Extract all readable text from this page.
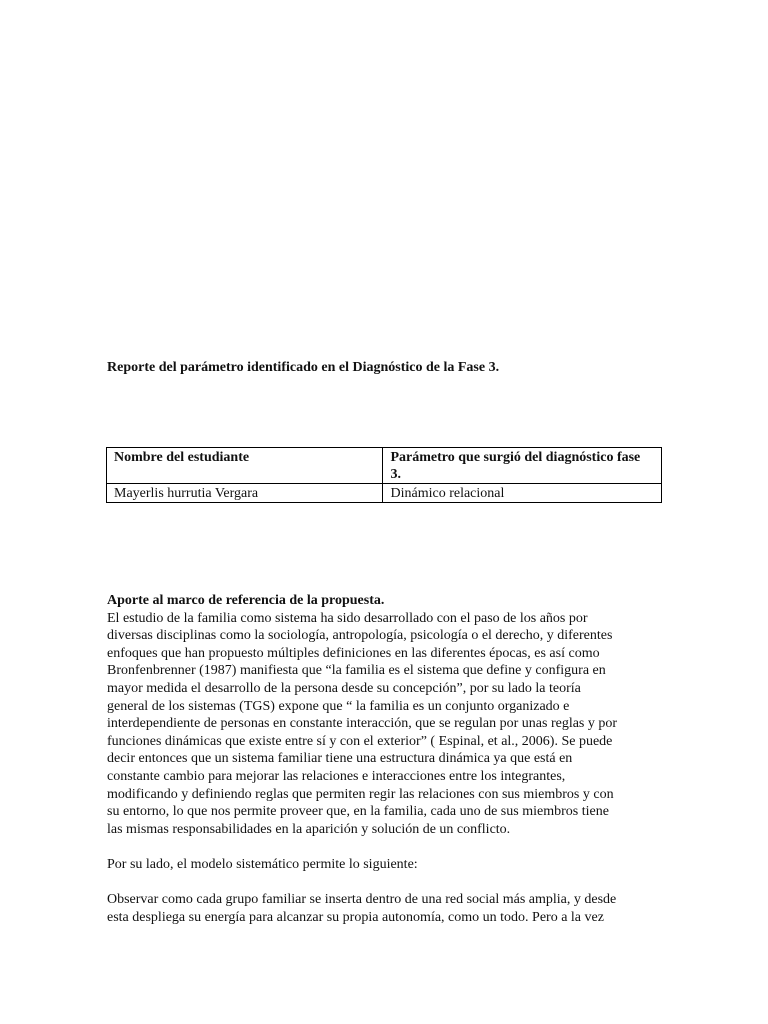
Reporte del parámetro identificado en el Diagnóstico de la Fase 3.
Nombre del estudiante	Parámetro que surgió del diagnóstico fase 3.
Mayerlis hurrutia Vergara	Dinámico relacional

Aporte al marco de referencia de la propuesta.

El estudio de la familia como sistema ha sido desarrollado con el paso de los años por
diversas disciplinas como la sociología, antropología, psicología o el derecho, y diferentes
enfoques que han propuesto múltiples definiciones en las diferentes épocas, es así como
Bronfenbrenner (1987) manifiesta que “la familia es el sistema que define y configura en
mayor medida el desarrollo de la persona desde su concepción”, por su lado la teoría
general de los sistemas (TGS) expone que “ la familia es un conjunto organizado e
interdependiente de personas en constante interacción, que se regulan por unas reglas y por
funciones dinámicas que existe entre sí y con el exterior” ( Espinal, et al., 2006). Se puede
decir entonces que un sistema familiar tiene una estructura dinámica ya que está en
constante cambio para mejorar las relaciones e interacciones entre los integrantes,
modificando y definiendo reglas que permiten regir las relaciones con sus miembros y con
su entorno, lo que nos permite proveer que, en la familia, cada uno de sus miembros tiene
las mismas responsabilidades en la aparición y solución de un conflicto.

Por su lado, el modelo sistemático permite lo siguiente:

Observar como cada grupo familiar se inserta dentro de una red social más amplia, y desde
esta despliega su energía para alcanzar su propia autonomía, como un todo. Pero a la vez
